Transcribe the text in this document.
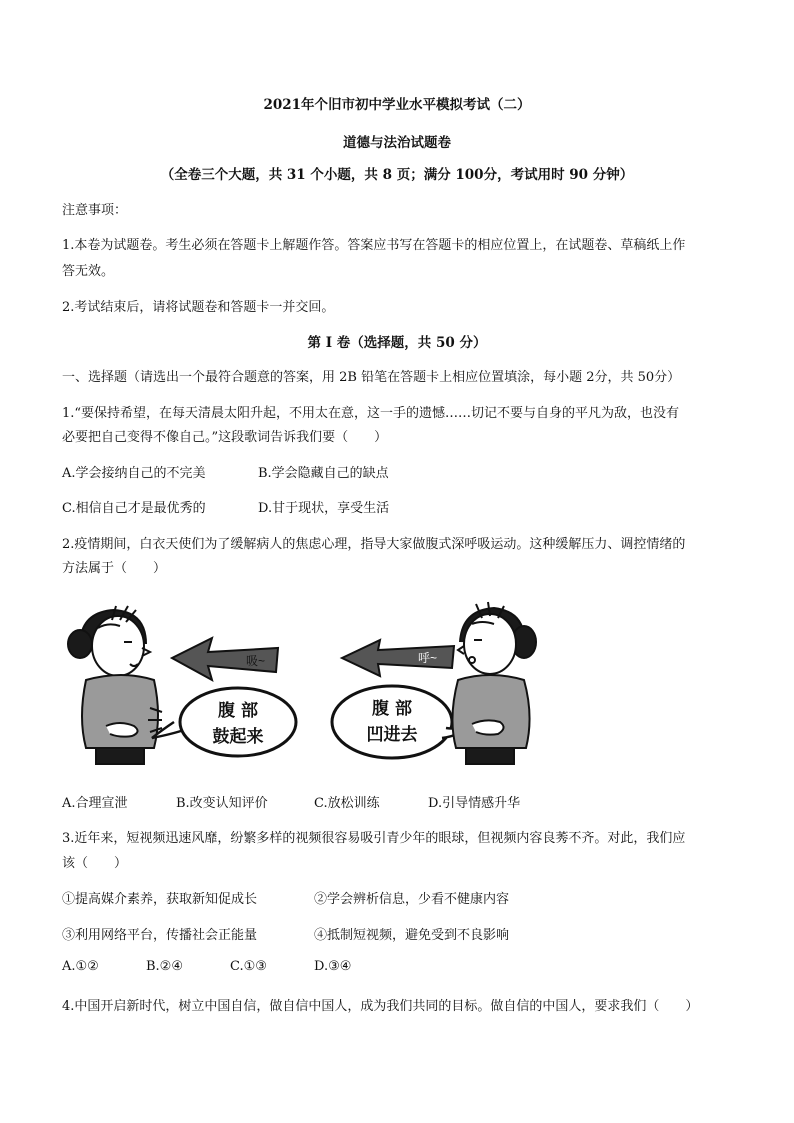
2021年个旧市初中学业水平模拟考试（二）
道德与法治试题卷
（全卷三个大题，共 31 个小题，共 8 页；满分 100分，考试用时 90 分钟）
注意事项：
1.本卷为试题卷。考生必须在答题卡上解题作答。答案应书写在答题卡的相应位置上，在试题卷、草稿纸上作
答无效。
2.考试结束后，请将试题卷和答题卡一并交回。
第 I 卷（选择题，共 50 分）
一、选择题（请选出一个最符合题意的答案，用 2B 铅笔在答题卡上相应位置填涂，每小题 2分，共 50分）
1.“要保持希望，在每天清晨太阳升起，不用太在意，这一手的遗憾……切记不要与自身的平凡为敌，也没有
必要把自己变得不像自己。”这段歌词告诉我们要（　　）
A.学会接纳自己的不完美	B.学会隐藏自己的缺点
C.相信自己才是最优秀的	D.甘于现状，享受生活
2.疫情期间，白衣天使们为了缓解病人的焦虑心理，指导大家做腹式深呼吸运动。这种缓解压力、调控情绪的
方法属于（　　）
吸~
腹 部
鼓起来
呼~
腹 部
凹进去
A.合理宣泄	B.改变认知评价	C.放松训练	D.引导情感升华
3.近年来，短视频迅速风靡，纷繁多样的视频很容易吸引青少年的眼球，但视频内容良莠不齐。对此，我们应
该（　　）
①提高媒介素养，获取新知促成长	②学会辨析信息，少看不健康内容
③利用网络平台，传播社会正能量	④抵制短视频，避免受到不良影响
A.①②	B.②④	C.①③	D.③④
4.中国开启新时代，树立中国自信，做自信中国人，成为我们共同的目标。做自信的中国人，要求我们（　　）
